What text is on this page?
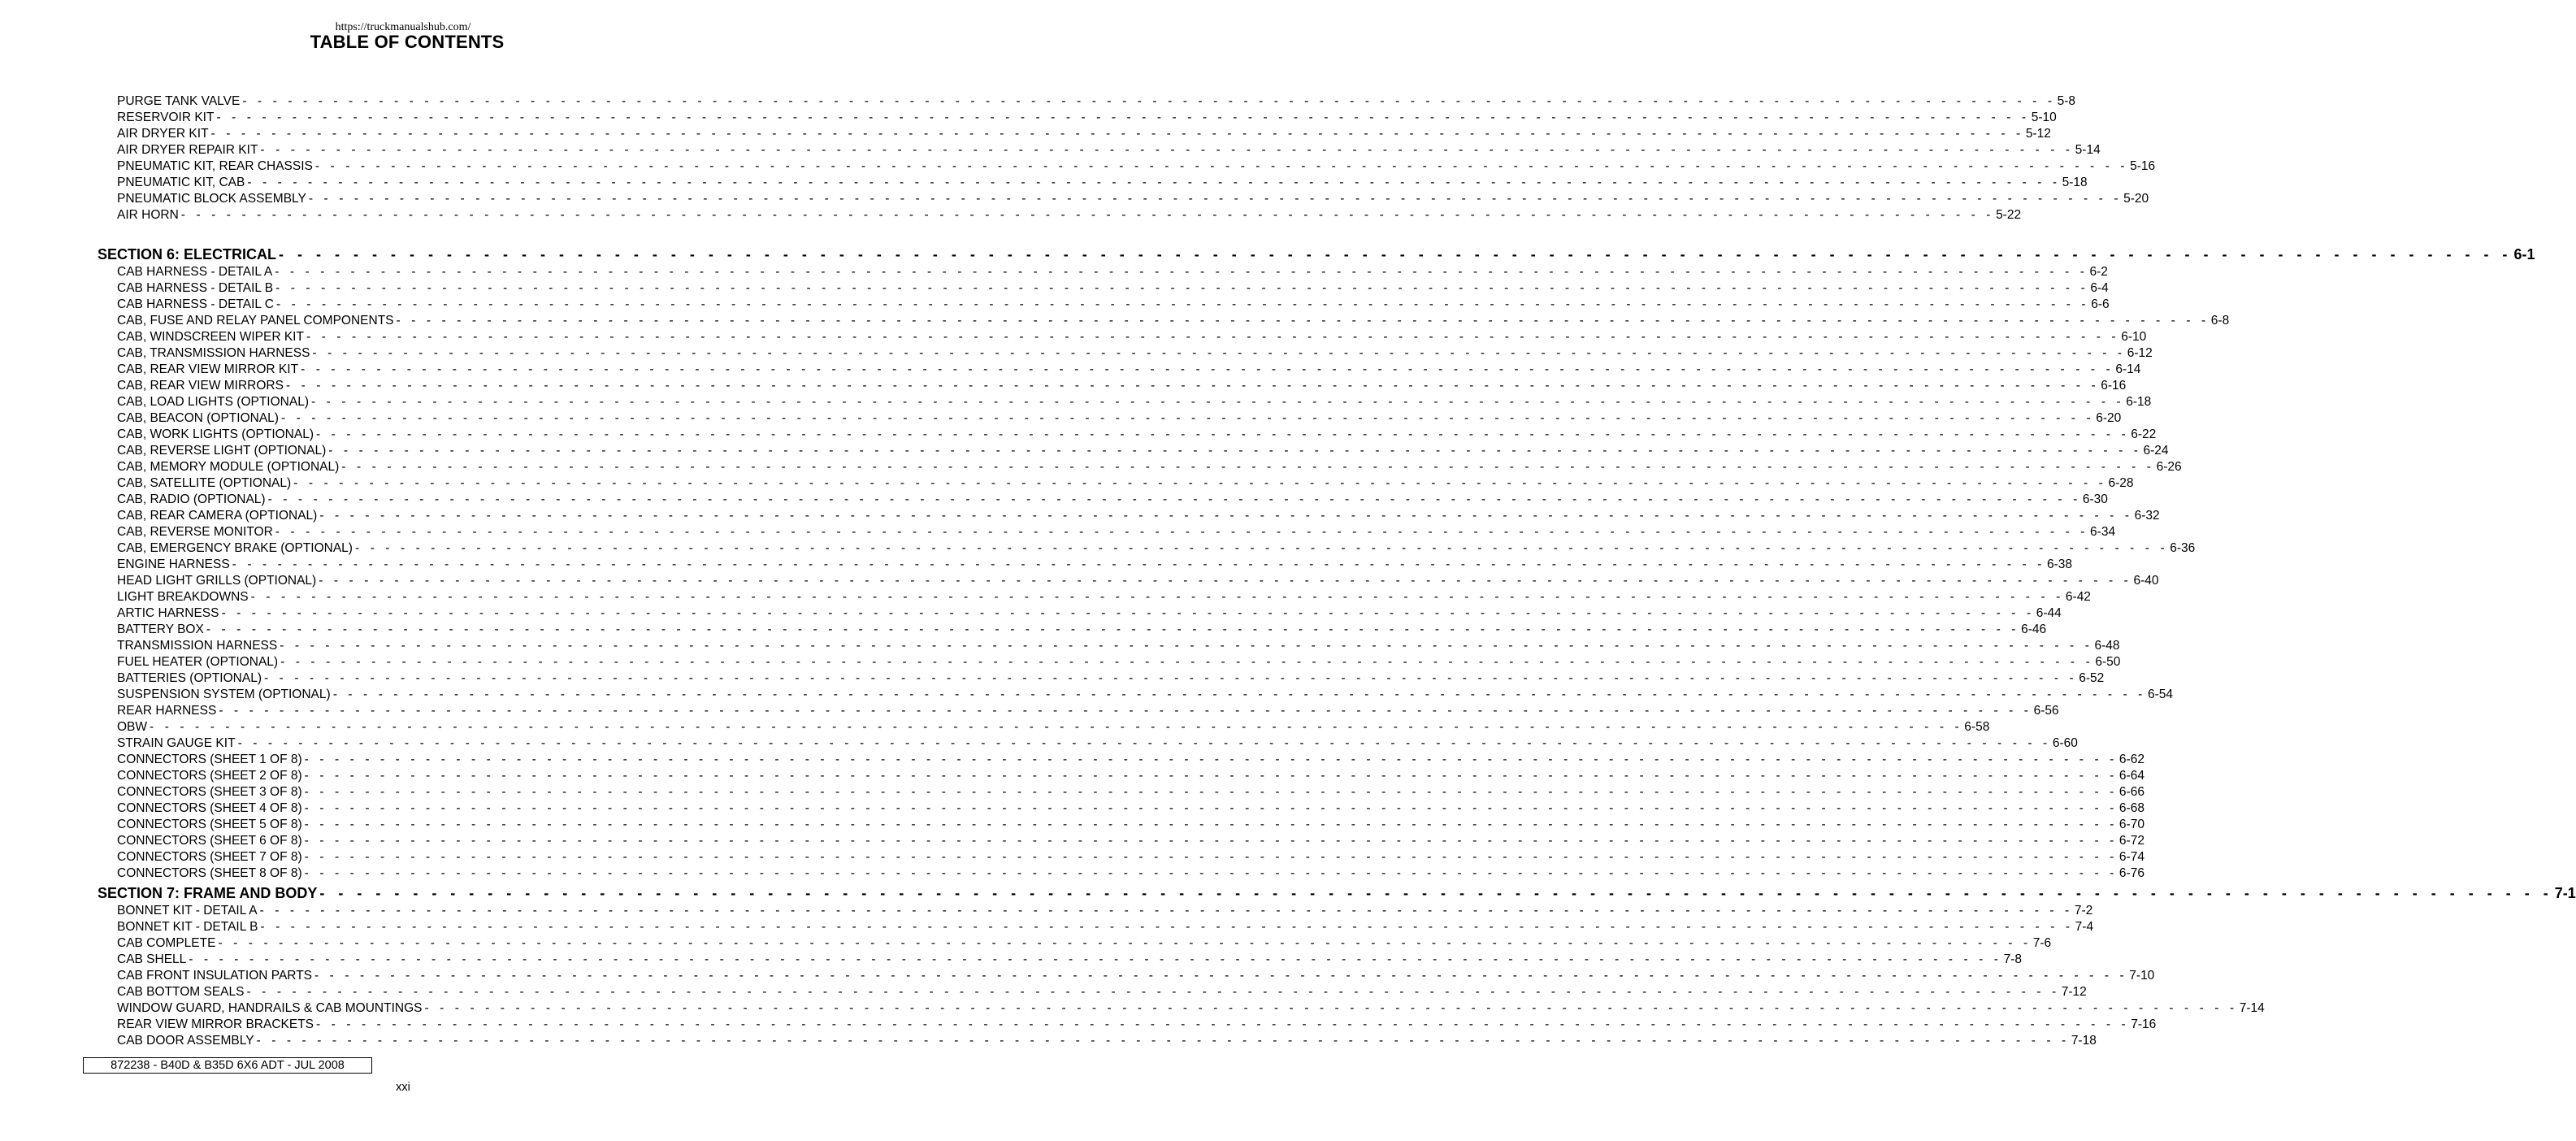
https://truckmanualshub.com/
TABLE OF CONTENTS
PURGE TANK VALVE - - - - - - - - - - - - - - - - - - - - - - - - - - - - - - - - - - - - - - - - - - - - - - - - - - - - - - - - - - - - - - - - - - - - - - - - - - - - - - - - - - - - - - - - - - - - - - - - - - - - - - - - - - - - - - - - - - - - - - - - 5-8
RESERVOIR KIT - - - - - - - - - - - - - - - - - - - - - - - - - - - - - - - - - - - - - - - - - - - - - - - - - - - - - - - - - - - - - - - - - - - - - - - - - - - - - - - - - - - - - - - - - - - - - - - - - - - - - - - - - - - - - - - - - - - - - - - - 5-10
AIR DRYER KIT - - - - - - - - - - - - - - - - - - - - - - - - - - - - - - - - - - - - - - - - - - - - - - - - - - - - - - - - - - - - - - - - - - - - - - - - - - - - - - - - - - - - - - - - - - - - - - - - - - - - - - - - - - - - - - - - - - - - - - - - 5-12
AIR DRYER REPAIR KIT - - - - - - - - - - - - - - - - - - - - - - - - - - - - - - - - - - - - - - - - - - - - - - - - - - - - - - - - - - - - - - - - - - - - - - - - - - - - - - - - - - - - - - - - - - - - - - - - - - - - - - - - - - - - - - - - - - - - - - - - 5-14
PNEUMATIC KIT, REAR CHASSIS - - - - - - - - - - - - - - - - - - - - - - - - - - - - - - - - - - - - - - - - - - - - - - - - - - - - - - - - - - - - - - - - - - - - - - - - - - - - - - - - - - - - - - - - - - - - - - - - - - - - - - - - - - - - - - - - - - - - - - - - 5-16
PNEUMATIC KIT, CAB - - - - - - - - - - - - - - - - - - - - - - - - - - - - - - - - - - - - - - - - - - - - - - - - - - - - - - - - - - - - - - - - - - - - - - - - - - - - - - - - - - - - - - - - - - - - - - - - - - - - - - - - - - - - - - - - - - - - - - - - 5-18
PNEUMATIC BLOCK ASSEMBLY - - - - - - - - - - - - - - - - - - - - - - - - - - - - - - - - - - - - - - - - - - - - - - - - - - - - - - - - - - - - - - - - - - - - - - - - - - - - - - - - - - - - - - - - - - - - - - - - - - - - - - - - - - - - - - - - - - - - - - - - 5-20
AIR HORN - - - - - - - - - - - - - - - - - - - - - - - - - - - - - - - - - - - - - - - - - - - - - - - - - - - - - - - - - - - - - - - - - - - - - - - - - - - - - - - - - - - - - - - - - - - - - - - - - - - - - - - - - - - - - - - - - - - - - - - - 5-22
SECTION 6: ELECTRICAL - - - - - - - - - - - - - - - - - - - - - - - - - - - - - - - - - - - - - - - - - - - - - - - - - - - - - - - - - - - - - - - - - - - - - - - - - - - - - - - - - - - - - - - - - - - - - - - - - - - - - - - - - - - - - - - - - - - - - - - - 6-1
CAB HARNESS - DETAIL A - - - - - - - - - - - - - - - - - - - - - - - - - - - - - - - - - - - - - - - - - - - - - - - - - - - - - - - - - - - - - - - - - - - - - - - - - - - - - - - - - - - - - - - - - - - - - - - - - - - - - - - - - - - - - - - - - - - - - - - - 6-2
CAB HARNESS - DETAIL B - - - - - - - - - - - - - - - - - - - - - - - - - - - - - - - - - - - - - - - - - - - - - - - - - - - - - - - - - - - - - - - - - - - - - - - - - - - - - - - - - - - - - - - - - - - - - - - - - - - - - - - - - - - - - - - - - - - - - - - - 6-4
CAB HARNESS - DETAIL C - - - - - - - - - - - - - - - - - - - - - - - - - - - - - - - - - - - - - - - - - - - - - - - - - - - - - - - - - - - - - - - - - - - - - - - - - - - - - - - - - - - - - - - - - - - - - - - - - - - - - - - - - - - - - - - - - - - - - - - - 6-6
CAB, FUSE AND RELAY PANEL COMPONENTS - - - - - - - - - - - - - - - - - - - - - - - - - - - - - - - - - - - - - - - - - - - - - - - - - - - - - - - - - - - - - - - - - - - - - - - - - - - - - - - - - - - - - - - - - - - - - - - - - - - - - - - - - - - - - - - - - - - - - - - - 6-8
CAB, WINDSCREEN WIPER KIT - - - - - - - - - - - - - - - - - - - - - - - - - - - - - - - - - - - - - - - - - - - - - - - - - - - - - - - - - - - - - - - - - - - - - - - - - - - - - - - - - - - - - - - - - - - - - - - - - - - - - - - - - - - - - - - - - - - - - - - - 6-10
CAB, TRANSMISSION HARNESS - - - - - - - - - - - - - - - - - - - - - - - - - - - - - - - - - - - - - - - - - - - - - - - - - - - - - - - - - - - - - - - - - - - - - - - - - - - - - - - - - - - - - - - - - - - - - - - - - - - - - - - - - - - - - - - - - - - - - - - - 6-12
CAB, REAR VIEW MIRROR KIT - - - - - - - - - - - - - - - - - - - - - - - - - - - - - - - - - - - - - - - - - - - - - - - - - - - - - - - - - - - - - - - - - - - - - - - - - - - - - - - - - - - - - - - - - - - - - - - - - - - - - - - - - - - - - - - - - - - - - - - - 6-14
CAB, REAR VIEW MIRRORS - - - - - - - - - - - - - - - - - - - - - - - - - - - - - - - - - - - - - - - - - - - - - - - - - - - - - - - - - - - - - - - - - - - - - - - - - - - - - - - - - - - - - - - - - - - - - - - - - - - - - - - - - - - - - - - - - - - - - - - - 6-16
CAB, LOAD LIGHTS (OPTIONAL) - - - - - - - - - - - - - - - - - - - - - - - - - - - - - - - - - - - - - - - - - - - - - - - - - - - - - - - - - - - - - - - - - - - - - - - - - - - - - - - - - - - - - - - - - - - - - - - - - - - - - - - - - - - - - - - - - - - - - - - - 6-18
CAB, BEACON (OPTIONAL) - - - - - - - - - - - - - - - - - - - - - - - - - - - - - - - - - - - - - - - - - - - - - - - - - - - - - - - - - - - - - - - - - - - - - - - - - - - - - - - - - - - - - - - - - - - - - - - - - - - - - - - - - - - - - - - - - - - - - - - - 6-20
CAB, WORK LIGHTS (OPTIONAL) - - - - - - - - - - - - - - - - - - - - - - - - - - - - - - - - - - - - - - - - - - - - - - - - - - - - - - - - - - - - - - - - - - - - - - - - - - - - - - - - - - - - - - - - - - - - - - - - - - - - - - - - - - - - - - - - - - - - - - - - 6-22
CAB, REVERSE LIGHT (OPTIONAL) - - - - - - - - - - - - - - - - - - - - - - - - - - - - - - - - - - - - - - - - - - - - - - - - - - - - - - - - - - - - - - - - - - - - - - - - - - - - - - - - - - - - - - - - - - - - - - - - - - - - - - - - - - - - - - - - - - - - - - - - 6-24
CAB, MEMORY MODULE (OPTIONAL) - - - - - - - - - - - - - - - - - - - - - - - - - - - - - - - - - - - - - - - - - - - - - - - - - - - - - - - - - - - - - - - - - - - - - - - - - - - - - - - - - - - - - - - - - - - - - - - - - - - - - - - - - - - - - - - - - - - - - - - - 6-26
CAB, SATELLITE (OPTIONAL) - - - - - - - - - - - - - - - - - - - - - - - - - - - - - - - - - - - - - - - - - - - - - - - - - - - - - - - - - - - - - - - - - - - - - - - - - - - - - - - - - - - - - - - - - - - - - - - - - - - - - - - - - - - - - - - - - - - - - - - - 6-28
CAB, RADIO (OPTIONAL) - - - - - - - - - - - - - - - - - - - - - - - - - - - - - - - - - - - - - - - - - - - - - - - - - - - - - - - - - - - - - - - - - - - - - - - - - - - - - - - - - - - - - - - - - - - - - - - - - - - - - - - - - - - - - - - - - - - - - - - - 6-30
CAB, REAR CAMERA (OPTIONAL) - - - - - - - - - - - - - - - - - - - - - - - - - - - - - - - - - - - - - - - - - - - - - - - - - - - - - - - - - - - - - - - - - - - - - - - - - - - - - - - - - - - - - - - - - - - - - - - - - - - - - - - - - - - - - - - - - - - - - - - - 6-32
CAB, REVERSE MONITOR - - - - - - - - - - - - - - - - - - - - - - - - - - - - - - - - - - - - - - - - - - - - - - - - - - - - - - - - - - - - - - - - - - - - - - - - - - - - - - - - - - - - - - - - - - - - - - - - - - - - - - - - - - - - - - - - - - - - - - - - 6-34
CAB, EMERGENCY BRAKE (OPTIONAL) - - - - - - - - - - - - - - - - - - - - - - - - - - - - - - - - - - - - - - - - - - - - - - - - - - - - - - - - - - - - - - - - - - - - - - - - - - - - - - - - - - - - - - - - - - - - - - - - - - - - - - - - - - - - - - - - - - - - - - - - 6-36
ENGINE HARNESS - - - - - - - - - - - - - - - - - - - - - - - - - - - - - - - - - - - - - - - - - - - - - - - - - - - - - - - - - - - - - - - - - - - - - - - - - - - - - - - - - - - - - - - - - - - - - - - - - - - - - - - - - - - - - - - - - - - - - - - - 6-38
HEAD LIGHT GRILLS (OPTIONAL) - - - - - - - - - - - - - - - - - - - - - - - - - - - - - - - - - - - - - - - - - - - - - - - - - - - - - - - - - - - - - - - - - - - - - - - - - - - - - - - - - - - - - - - - - - - - - - - - - - - - - - - - - - - - - - - - - - - - - - - - 6-40
LIGHT BREAKDOWNS - - - - - - - - - - - - - - - - - - - - - - - - - - - - - - - - - - - - - - - - - - - - - - - - - - - - - - - - - - - - - - - - - - - - - - - - - - - - - - - - - - - - - - - - - - - - - - - - - - - - - - - - - - - - - - - - - - - - - - - - 6-42
ARTIC HARNESS - - - - - - - - - - - - - - - - - - - - - - - - - - - - - - - - - - - - - - - - - - - - - - - - - - - - - - - - - - - - - - - - - - - - - - - - - - - - - - - - - - - - - - - - - - - - - - - - - - - - - - - - - - - - - - - - - - - - - - - - 6-44
BATTERY BOX - - - - - - - - - - - - - - - - - - - - - - - - - - - - - - - - - - - - - - - - - - - - - - - - - - - - - - - - - - - - - - - - - - - - - - - - - - - - - - - - - - - - - - - - - - - - - - - - - - - - - - - - - - - - - - - - - - - - - - - - 6-46
TRANSMISSION HARNESS - - - - - - - - - - - - - - - - - - - - - - - - - - - - - - - - - - - - - - - - - - - - - - - - - - - - - - - - - - - - - - - - - - - - - - - - - - - - - - - - - - - - - - - - - - - - - - - - - - - - - - - - - - - - - - - - - - - - - - - - 6-48
FUEL HEATER (OPTIONAL) - - - - - - - - - - - - - - - - - - - - - - - - - - - - - - - - - - - - - - - - - - - - - - - - - - - - - - - - - - - - - - - - - - - - - - - - - - - - - - - - - - - - - - - - - - - - - - - - - - - - - - - - - - - - - - - - - - - - - - - - 6-50
BATTERIES (OPTIONAL) - - - - - - - - - - - - - - - - - - - - - - - - - - - - - - - - - - - - - - - - - - - - - - - - - - - - - - - - - - - - - - - - - - - - - - - - - - - - - - - - - - - - - - - - - - - - - - - - - - - - - - - - - - - - - - - - - - - - - - - - 6-52
SUSPENSION SYSTEM (OPTIONAL) - - - - - - - - - - - - - - - - - - - - - - - - - - - - - - - - - - - - - - - - - - - - - - - - - - - - - - - - - - - - - - - - - - - - - - - - - - - - - - - - - - - - - - - - - - - - - - - - - - - - - - - - - - - - - - - - - - - - - - - - 6-54
REAR HARNESS - - - - - - - - - - - - - - - - - - - - - - - - - - - - - - - - - - - - - - - - - - - - - - - - - - - - - - - - - - - - - - - - - - - - - - - - - - - - - - - - - - - - - - - - - - - - - - - - - - - - - - - - - - - - - - - - - - - - - - - - 6-56
OBW - - - - - - - - - - - - - - - - - - - - - - - - - - - - - - - - - - - - - - - - - - - - - - - - - - - - - - - - - - - - - - - - - - - - - - - - - - - - - - - - - - - - - - - - - - - - - - - - - - - - - - - - - - - - - - - - - - - - - - - - 6-58
STRAIN GAUGE KIT - - - - - - - - - - - - - - - - - - - - - - - - - - - - - - - - - - - - - - - - - - - - - - - - - - - - - - - - - - - - - - - - - - - - - - - - - - - - - - - - - - - - - - - - - - - - - - - - - - - - - - - - - - - - - - - - - - - - - - - - 6-60
CONNECTORS (SHEET 1 OF 8) - - - - - - - - - - - - - - - - - - - - - - - - - - - - - - - - - - - - - - - - - - - - - - - - - - - - - - - - - - - - - - - - - - - - - - - - - - - - - - - - - - - - - - - - - - - - - - - - - - - - - - - - - - - - - - - - - - - - - - - - 6-62
CONNECTORS (SHEET 2 OF 8) - - - - - - - - - - - - - - - - - - - - - - - - - - - - - - - - - - - - - - - - - - - - - - - - - - - - - - - - - - - - - - - - - - - - - - - - - - - - - - - - - - - - - - - - - - - - - - - - - - - - - - - - - - - - - - - - - - - - - - - - 6-64
CONNECTORS (SHEET 3 OF 8) - - - - - - - - - - - - - - - - - - - - - - - - - - - - - - - - - - - - - - - - - - - - - - - - - - - - - - - - - - - - - - - - - - - - - - - - - - - - - - - - - - - - - - - - - - - - - - - - - - - - - - - - - - - - - - - - - - - - - - - - 6-66
CONNECTORS (SHEET 4 OF 8) - - - - - - - - - - - - - - - - - - - - - - - - - - - - - - - - - - - - - - - - - - - - - - - - - - - - - - - - - - - - - - - - - - - - - - - - - - - - - - - - - - - - - - - - - - - - - - - - - - - - - - - - - - - - - - - - - - - - - - - - 6-68
CONNECTORS (SHEET 5 OF 8) - - - - - - - - - - - - - - - - - - - - - - - - - - - - - - - - - - - - - - - - - - - - - - - - - - - - - - - - - - - - - - - - - - - - - - - - - - - - - - - - - - - - - - - - - - - - - - - - - - - - - - - - - - - - - - - - - - - - - - - - 6-70
CONNECTORS (SHEET 6 OF 8) - - - - - - - - - - - - - - - - - - - - - - - - - - - - - - - - - - - - - - - - - - - - - - - - - - - - - - - - - - - - - - - - - - - - - - - - - - - - - - - - - - - - - - - - - - - - - - - - - - - - - - - - - - - - - - - - - - - - - - - - 6-72
CONNECTORS (SHEET 7 OF 8) - - - - - - - - - - - - - - - - - - - - - - - - - - - - - - - - - - - - - - - - - - - - - - - - - - - - - - - - - - - - - - - - - - - - - - - - - - - - - - - - - - - - - - - - - - - - - - - - - - - - - - - - - - - - - - - - - - - - - - - - 6-74
CONNECTORS (SHEET 8 OF 8) - - - - - - - - - - - - - - - - - - - - - - - - - - - - - - - - - - - - - - - - - - - - - - - - - - - - - - - - - - - - - - - - - - - - - - - - - - - - - - - - - - - - - - - - - - - - - - - - - - - - - - - - - - - - - - - - - - - - - - - - 6-76
SECTION 7: FRAME AND BODY - - - - - - - - - - - - - - - - - - - - - - - - - - - - - - - - - - - - - - - - - - - - - - - - - - - - - - - - - - - - - - - - - - - - - - - - - - - - - - - - - - - - - - - - - - - - - - - - - - - - - - - - - - - - - - - - - - - - - - - - 7-1
BONNET KIT - DETAIL A - - - - - - - - - - - - - - - - - - - - - - - - - - - - - - - - - - - - - - - - - - - - - - - - - - - - - - - - - - - - - - - - - - - - - - - - - - - - - - - - - - - - - - - - - - - - - - - - - - - - - - - - - - - - - - - - - - - - - - - - 7-2
BONNET KIT - DETAIL B - - - - - - - - - - - - - - - - - - - - - - - - - - - - - - - - - - - - - - - - - - - - - - - - - - - - - - - - - - - - - - - - - - - - - - - - - - - - - - - - - - - - - - - - - - - - - - - - - - - - - - - - - - - - - - - - - - - - - - - - 7-4
CAB COMPLETE - - - - - - - - - - - - - - - - - - - - - - - - - - - - - - - - - - - - - - - - - - - - - - - - - - - - - - - - - - - - - - - - - - - - - - - - - - - - - - - - - - - - - - - - - - - - - - - - - - - - - - - - - - - - - - - - - - - - - - - - 7-6
CAB SHELL - - - - - - - - - - - - - - - - - - - - - - - - - - - - - - - - - - - - - - - - - - - - - - - - - - - - - - - - - - - - - - - - - - - - - - - - - - - - - - - - - - - - - - - - - - - - - - - - - - - - - - - - - - - - - - - - - - - - - - - - 7-8
CAB FRONT INSULATION PARTS - - - - - - - - - - - - - - - - - - - - - - - - - - - - - - - - - - - - - - - - - - - - - - - - - - - - - - - - - - - - - - - - - - - - - - - - - - - - - - - - - - - - - - - - - - - - - - - - - - - - - - - - - - - - - - - - - - - - - - - - 7-10
CAB BOTTOM SEALS - - - - - - - - - - - - - - - - - - - - - - - - - - - - - - - - - - - - - - - - - - - - - - - - - - - - - - - - - - - - - - - - - - - - - - - - - - - - - - - - - - - - - - - - - - - - - - - - - - - - - - - - - - - - - - - - - - - - - - - - 7-12
WINDOW GUARD, HANDRAILS & CAB MOUNTINGS - - - - - - - - - - - - - - - - - - - - - - - - - - - - - - - - - - - - - - - - - - - - - - - - - - - - - - - - - - - - - - - - - - - - - - - - - - - - - - - - - - - - - - - - - - - - - - - - - - - - - - - - - - - - - - - - - - - - - - - - 7-14
REAR VIEW MIRROR BRACKETS - - - - - - - - - - - - - - - - - - - - - - - - - - - - - - - - - - - - - - - - - - - - - - - - - - - - - - - - - - - - - - - - - - - - - - - - - - - - - - - - - - - - - - - - - - - - - - - - - - - - - - - - - - - - - - - - - - - - - - - - 7-16
CAB DOOR ASSEMBLY - - - - - - - - - - - - - - - - - - - - - - - - - - - - - - - - - - - - - - - - - - - - - - - - - - - - - - - - - - - - - - - - - - - - - - - - - - - - - - - - - - - - - - - - - - - - - - - - - - - - - - - - - - - - - - - - - - - - - - - - 7-18
872238 - B40D & B35D 6X6 ADT - JUL 2008
xxi
